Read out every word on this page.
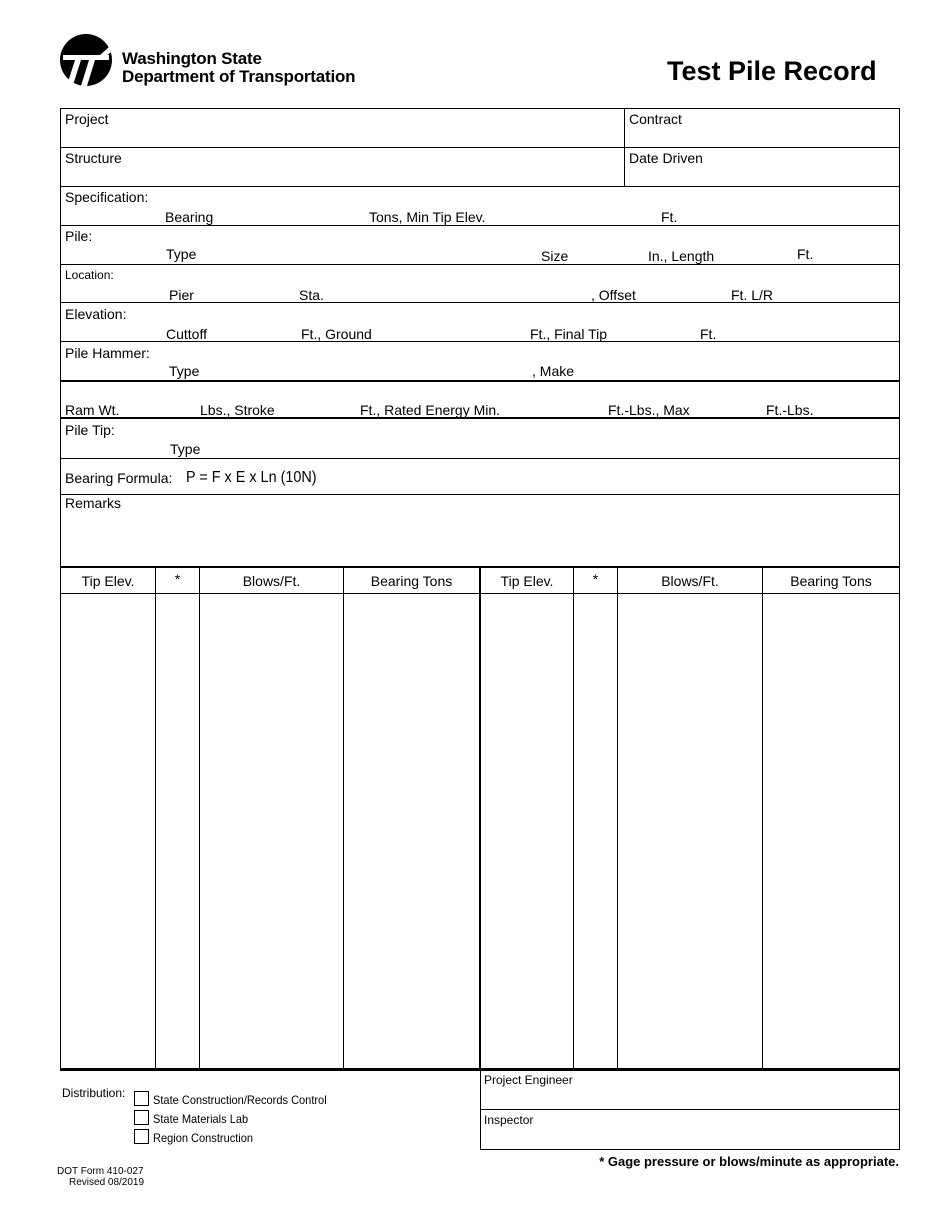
Washington State
Department of Transportation	Test Pile Record
Project	Contract
Structure	Date Driven
Specification:
Bearing	Tons, Min Tip Elev.	Ft.
Pile:
Type	Size	In., Length	Ft.
Location:
Pier	Sta.	, Offset	Ft. L/R
Elevation:
Cuttoff	Ft., Ground	Ft., Final Tip	Ft.
Pile Hammer:
Type	, Make
Ram Wt.	Lbs., Stroke	Ft., Rated Energy Min.	Ft.-Lbs., Max	Ft.-Lbs.
Pile Tip:
Type
Bearing Formula: P = F x E x Ln (10N)
Remarks
Tip Elev.	*	Blows/Ft.	Bearing Tons	Tip Elev.	*	Blows/Ft.	Bearing Tons
Distribution: State Construction/Records Control
State Materials Lab
Region Construction
Project Engineer
Inspector
* Gage pressure or blows/minute as appropriate.
DOT Form 410-027
Revised 08/2019
